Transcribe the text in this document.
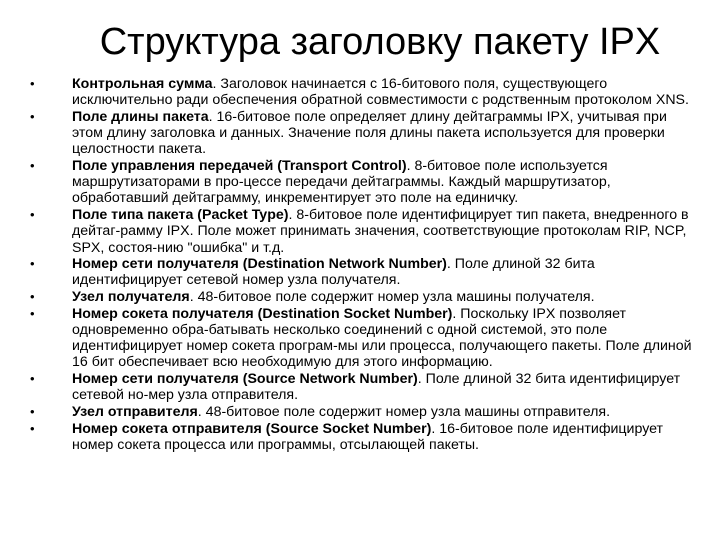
Структура заголовку пакету IPX
•	Контрольная сумма. Заголовок начинается с 16-битового поля, существующего исключительно ради обеспечения обратной совместимости с родственным протоколом XNS.
•	Поле длины пакета. 16-битовое поле определяет длину дейтаграммы IPX, учитывая при этом длину заголовка и данных. Значение поля длины пакета используется для проверки целостности пакета.
•	Поле управления передачей (Transport Control). 8-битовое поле используется маршрутизаторами в про-цессе передачи дейтаграммы. Каждый маршрутизатор, обработавший дейтаграмму, инкрементирует это поле на единичку.
•	Поле типа пакета (Packet Type). 8-битовое поле идентифицирует тип пакета, внедренного в дейтаг-рамму IPX. Поле может принимать значения, соответствующие протоколам RIP, NCP, SPX, состоя-нию "ошибка" и т.д.
•	Номер сети получателя (Destination Network Number). Поле длиной 32 бита идентифицирует сетевой номер узла получателя.
•	Узел получателя. 48-битовое поле содержит номер узла машины получателя.
•	Номер сокета получателя (Destination Socket Number). Поскольку IPX позволяет одновременно обра-батывать несколько соединений с одной системой, это поле идентифицирует номер сокета програм-мы или процесса, получающего пакеты. Поле длиной 16 бит обеспечивает всю необходимую для этого информацию.
•	Номер сети получателя (Source Network Number). Поле длиной 32 бита идентифицирует сетевой но-мер узла отправителя.
•	Узел отправителя. 48-битовое поле содержит номер узла машины отправителя.
•	Номер сокета отправителя (Source Socket Number). 16-битовое поле идентифицирует номер сокета процесса или программы, отсылающей пакеты.
